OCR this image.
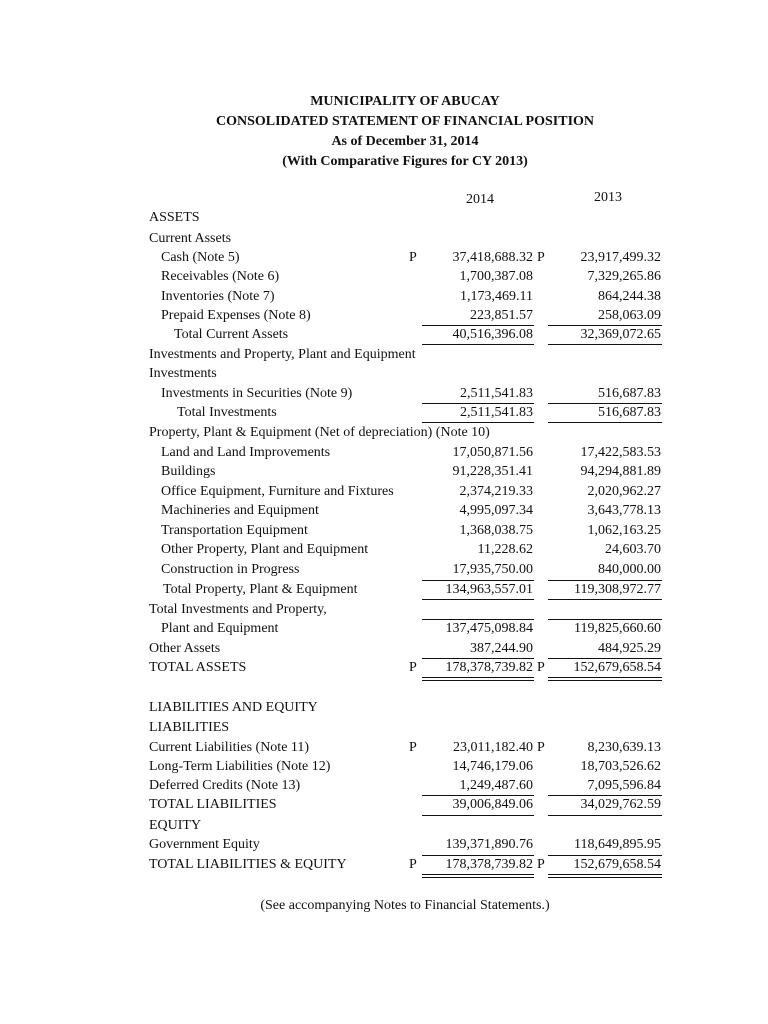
MUNICIPALITY OF ABUCAY
CONSOLIDATED STATEMENT OF FINANCIAL POSITION
As of December 31, 2014
(With Comparative Figures for CY 2013)
2014	2013
ASSETS
Current Assets
Cash (Note 5)	P	37,418,688.32 P	23,917,499.32
Receivables (Note 6)	1,700,387.08	7,329,265.86
Inventories (Note 7)	1,173,469.11	864,244.38
Prepaid Expenses (Note 8)	223,851.57	258,063.09
Total Current Assets	40,516,396.08	32,369,072.65
Investments and Property, Plant and Equipment
Investments
Investments in Securities (Note 9)	2,511,541.83	516,687.83
Total Investments	2,511,541.83	516,687.83
Property, Plant & Equipment (Net of depreciation) (Note 10)
Land and Land Improvements	17,050,871.56	17,422,583.53
Buildings	91,228,351.41	94,294,881.89
Office Equipment, Furniture and Fixtures	2,374,219.33	2,020,962.27
Machineries and Equipment	4,995,097.34	3,643,778.13
Transportation Equipment	1,368,038.75	1,062,163.25
Other Property, Plant and Equipment	11,228.62	24,603.70
Construction in Progress	17,935,750.00	840,000.00
Total Property, Plant & Equipment	134,963,557.01	119,308,972.77
Total Investments and Property,
Plant and Equipment	137,475,098.84	119,825,660.60
Other Assets	387,244.90	484,925.29
TOTAL ASSETS	P 178,378,739.82 P 152,679,658.54
LIABILITIES AND EQUITY
LIABILITIES
Current Liabilities (Note 11)	P	23,011,182.40 P	8,230,639.13
Long-Term Liabilities (Note 12)	14,746,179.06	18,703,526.62
Deferred Credits (Note 13)	1,249,487.60	7,095,596.84
TOTAL LIABILITIES	39,006,849.06	34,029,762.59
EQUITY
Government Equity	139,371,890.76	118,649,895.95
TOTAL LIABILITIES & EQUITY	P 178,378,739.82 P 152,679,658.54
(See accompanying Notes to Financial Statements.)
